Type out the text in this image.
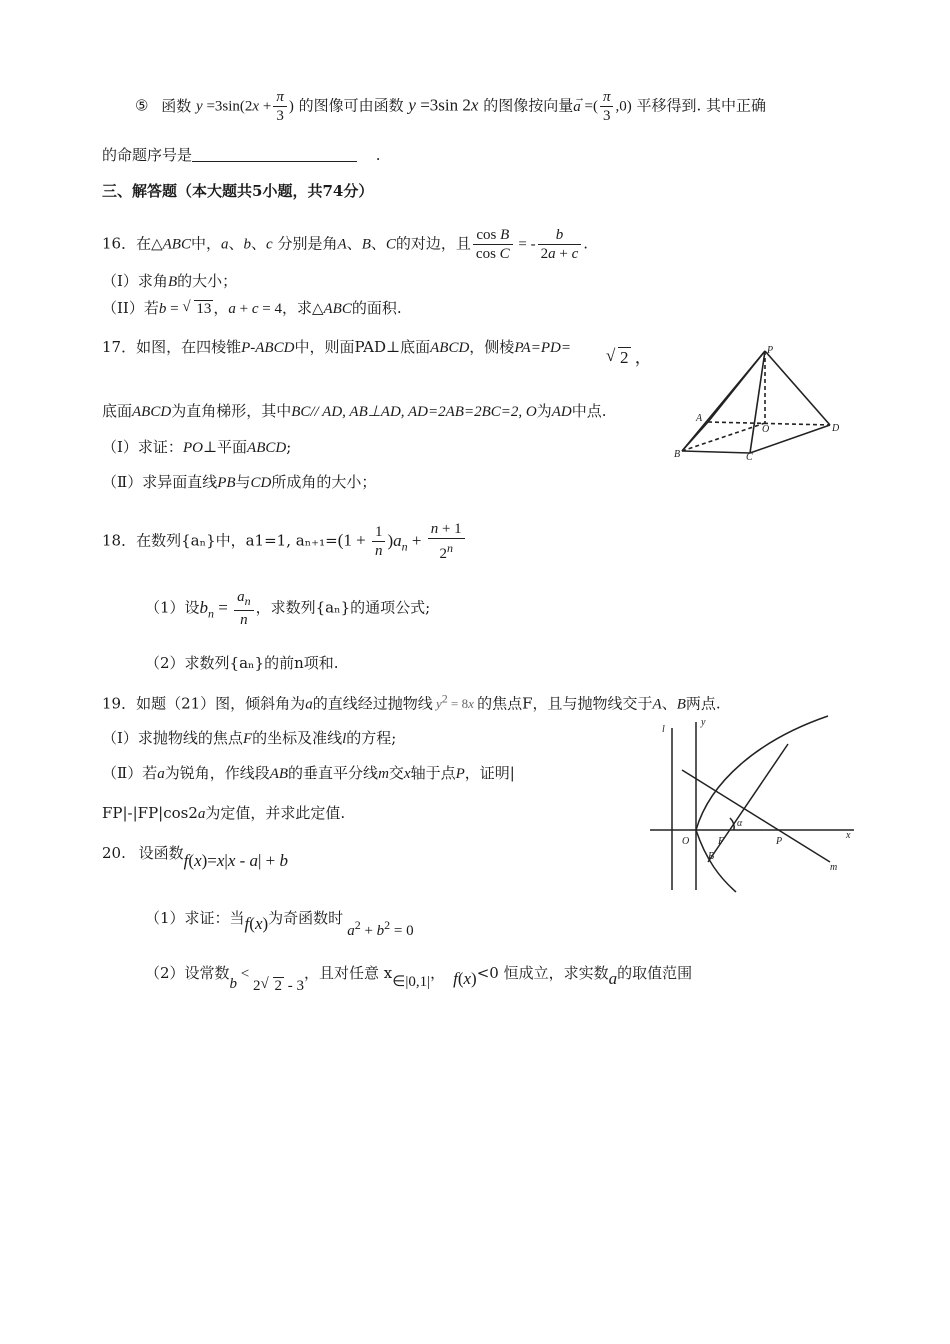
⑤ 函数 $y =3\sin(2x + \frac{\pi}{3}$ ) 的图像可由函数 y =3sin 2x 的图像按向量 →
a =( $\frac{\pi}{3} ,0$) 平移得到. 其中正确
的命题序号是	.
三、解答题（本大题共5小题，共74分）
16．在△ABC中，a、b、c 分别是角A、B、C的对边，且 $\frac{\text{cos B}}{\text{cos C}}$ = - $\frac{b}{2a + c}$ .
（I）求角B的大小；
（II）若b = √ 13 ，a + c = 4，求△ABC的面积.
17．如图，在四棱锥P-ABCD中，则面PAD⊥底面ABCD，侧棱PA=PD=	√ 2 ，
底面ABCD为直角梯形，其中BC// AD, AB⊥AD, AD=2AB=2BC=2, O为AD中点.
（Ⅰ）求证：PO⊥平面ABCD;
（Ⅱ）求异面直线PB与CD所成角的大小；
P
A
O	D
B	C
18．在数列{aₙ}中，a1=1, $a_{n+1}=(1 + \frac{1}{n} )a_n + \frac{n + 1}{2^n}$
（1）设$b_n = \frac{a_n}{n}$ ，求数列{aₙ}的通项公式;
（2）求数列{aₙ}的前n项和.
19．如题（21）图，倾斜角为a的直线经过抛物线 $y^2 = 8x$ 的焦点F，且与抛物线交于A、B两点.
（Ⅰ）求抛物线的焦点F的坐标及准线l的方程;
（Ⅱ）若a为锐角，作线段AB的垂直平分线m交x轴于点P，证明|
FP|-|FP|cos2a为定值，并求此定值.
l
y
x
O	F	P
B
m
α
20. 设函数f(x)=x|x - a| + b
（1）求证：当f(x)为奇函数时$a^2 + b^2 = 0$
（2）设常数b < 2 √ 2 - 3，且对任意 x∈|0,1|， f(x)<0 恒成立，求实数a的取值范围
